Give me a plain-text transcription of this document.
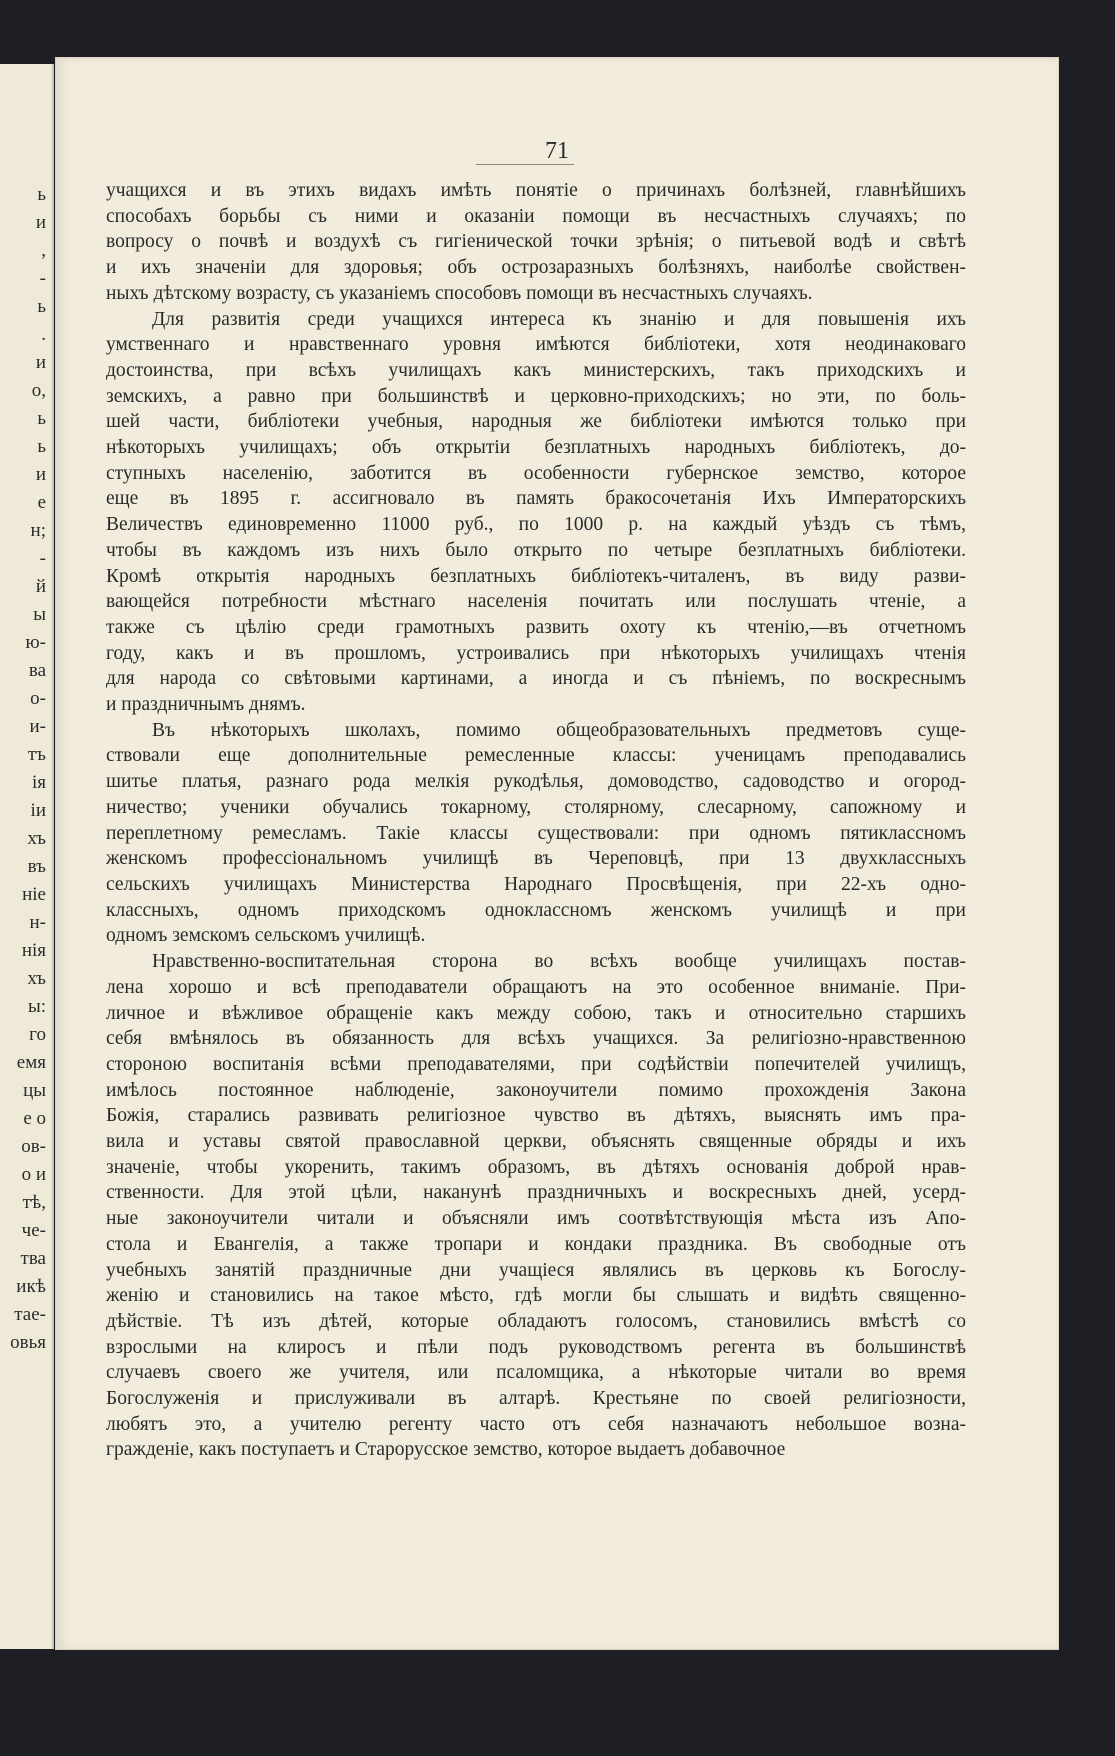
ь
и
,
-
ь
.
и
о,
ь
ь
и
е
н;
-
й
ы
ю-
ва
о-
и-
тъ
ія
іи
хъ
въ
ніе
н-
нія
хъ
ы:
го
емя
цы
е о
ов-
о и
тѣ,
че-
тва
икѣ
тае-
овья
71

учащихся и въ этихъ видахъ имѣть понятіе о причинахъ болѣзней, главнѣйшихъ
способахъ борьбы съ ними и оказаніи помощи въ несчастныхъ случаяхъ; по
вопросу о почвѣ и воздухѣ съ гигіенической точки зрѣнія; о питьевой водѣ и свѣтѣ
и ихъ значеніи для здоровья; объ острозаразныхъ болѣзняхъ, наиболѣе свойствен-
ныхъ дѣтскому возрасту, съ указаніемъ способовъ помощи въ несчастныхъ случаяхъ.

Для развитія среди учащихся интереса къ знанію и для повышенія ихъ
умственнаго и нравственнаго уровня имѣются библіотеки, хотя неодинаковаго
достоинства, при всѣхъ училищахъ какъ министерскихъ, такъ приходскихъ и
земскихъ, а равно при большинствѣ и церковно-приходскихъ; но эти, по боль-
шей части, библіотеки учебныя, народныя же библіотеки имѣются только при
нѣкоторыхъ училищахъ; объ открытіи безплатныхъ народныхъ библіотекъ, до-
ступныхъ населенію, заботится въ особенности губернское земство, которое
еще въ 1895 г. ассигновало въ память бракосочетанія Ихъ Императорскихъ
Величествъ единовременно 11000 руб., по 1000 р. на каждый уѣздъ съ тѣмъ,
чтобы въ каждомъ изъ нихъ было открыто по четыре безплатныхъ библіотеки.
Кромѣ открытія народныхъ безплатныхъ библіотекъ-читаленъ, въ виду разви-
вающейся потребности мѣстнаго населенія почитать или послушать чтеніе, а
также съ цѣлію среди грамотныхъ развить охоту къ чтенію,—въ отчетномъ
году, какъ и въ прошломъ, устроивались при нѣкоторыхъ училищахъ чтенія
для народа со свѣтовыми картинами, а иногда и съ пѣніемъ, по воскреснымъ
и праздничнымъ днямъ.

Въ нѣкоторыхъ школахъ, помимо общеобразовательныхъ предметовъ суще-
ствовали еще дополнительные ремесленные классы: ученицамъ преподавались
шитье платья, разнаго рода мелкія рукодѣлья, домоводство, садоводство и огород-
ничество; ученики обучались токарному, столярному, слесарному, сапожному и
переплетному ремесламъ. Такіе классы существовали: при одномъ пятиклассномъ
женскомъ профессіональномъ училищѣ въ Череповцѣ, при 13 двухклассныхъ
сельскихъ училищахъ Министерства Народнаго Просвѣщенія, при 22-хъ одно-
классныхъ, одномъ приходскомъ одноклассномъ женскомъ училищѣ и при
одномъ земскомъ сельскомъ училищѣ.

Нравственно-воспитательная сторона во всѣхъ вообще училищахъ постав-
лена хорошо и всѣ преподаватели обращаютъ на это особенное вниманіе. При-
личное и вѣжливое обращеніе какъ между собою, такъ и относительно старшихъ
себя вмѣнялось въ обязанность для всѣхъ учащихся. За религіозно-нравственною
стороною воспитанія всѣми преподавателями, при содѣйствіи попечителей училищъ,
имѣлось постоянное наблюденіе, законоучители помимо прохожденія Закона
Божія, старались развивать религіозное чувство въ дѣтяхъ, выяснять имъ пра-
вила и уставы святой православной церкви, объяснять священные обряды и ихъ
значеніе, чтобы укоренить, такимъ образомъ, въ дѣтяхъ основанія доброй нрав-
ственности. Для этой цѣли, наканунѣ праздничныхъ и воскресныхъ дней, усерд-
ные законоучители читали и объясняли имъ соотвѣтствующія мѣста изъ Апо-
стола и Евангелія, а также тропари и кондаки праздника. Въ свободные отъ
учебныхъ занятій праздничные дни учащіеся являлись въ церковь къ Богослу-
женію и становились на такое мѣсто, гдѣ могли бы слышать и видѣть священно-
дѣйствіе. Тѣ изъ дѣтей, которые обладаютъ голосомъ, становились вмѣстѣ со
взрослыми на клиросъ и пѣли подъ руководствомъ регента въ большинствѣ
случаевъ своего же учителя, или псаломщика, а нѣкоторые читали во время
Богослуженія и прислуживали въ алтарѣ. Крестьяне по своей религіозности,
любятъ это, а учителю регенту часто отъ себя назначаютъ небольшое возна-
гражденіе, какъ поступаетъ и Старорусское земство, которое выдаетъ добавочное
